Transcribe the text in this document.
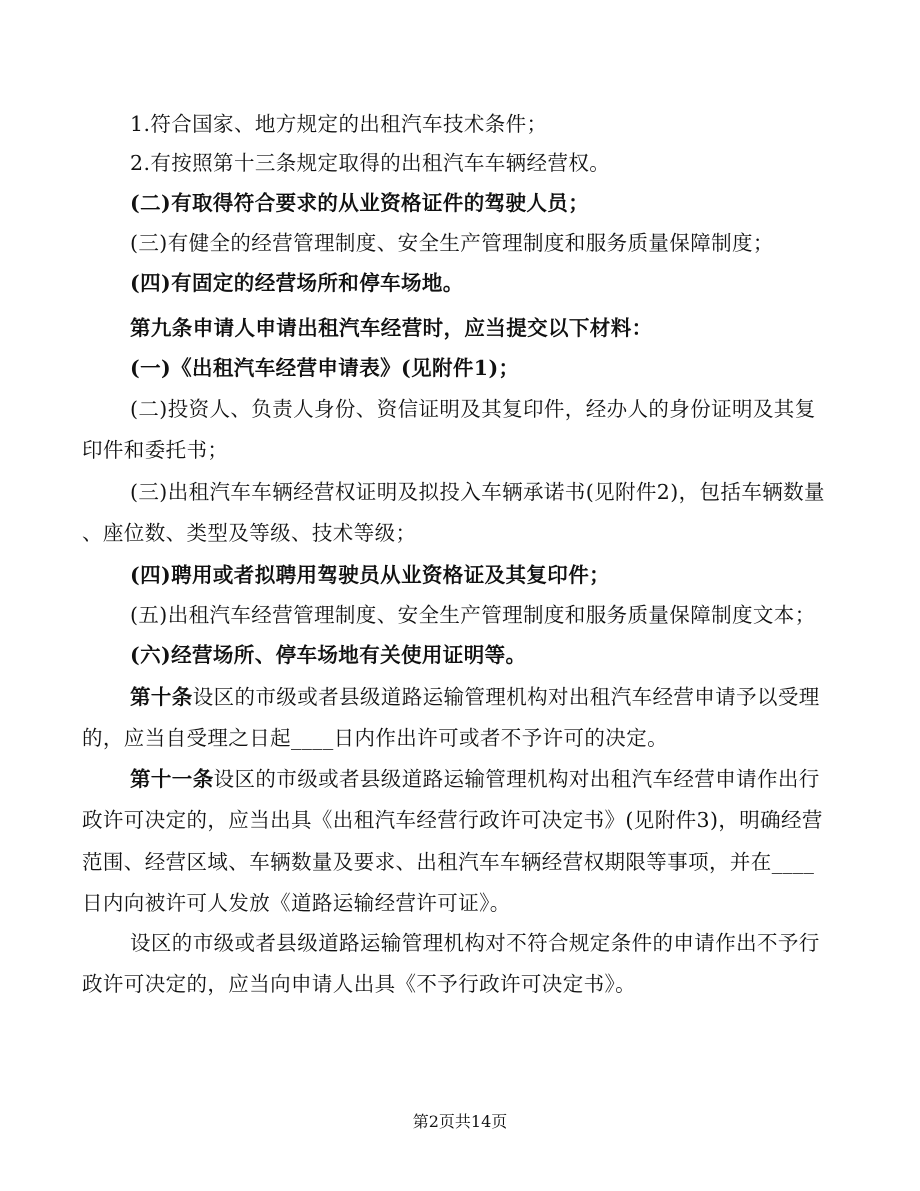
1.符合国家、地方规定的出租汽车技术条件；
2.有按照第十三条规定取得的出租汽车车辆经营权。
(二)有取得符合要求的从业资格证件的驾驶人员；
(三)有健全的经营管理制度、安全生产管理制度和服务质量保障制度；
(四)有固定的经营场所和停车场地。
第九条申请人申请出租汽车经营时，应当提交以下材料：
(一)《出租汽车经营申请表》(见附件1)；
(二)投资人、负责人身份、资信证明及其复印件，经办人的身份证明及其复
印件和委托书；
(三)出租汽车车辆经营权证明及拟投入车辆承诺书(见附件2)，包括车辆数量
、座位数、类型及等级、技术等级；
(四)聘用或者拟聘用驾驶员从业资格证及其复印件；
(五)出租汽车经营管理制度、安全生产管理制度和服务质量保障制度文本；
(六)经营场所、停车场地有关使用证明等。
第十条设区的市级或者县级道路运输管理机构对出租汽车经营申请予以受理
的，应当自受理之日起____日内作出许可或者不予许可的决定。
第十一条设区的市级或者县级道路运输管理机构对出租汽车经营申请作出行
政许可决定的，应当出具《出租汽车经营行政许可决定书》(见附件3)，明确经营
范围、经营区域、车辆数量及要求、出租汽车车辆经营权期限等事项，并在____
日内向被许可人发放《道路运输经营许可证》。
设区的市级或者县级道路运输管理机构对不符合规定条件的申请作出不予行
政许可决定的，应当向申请人出具《不予行政许可决定书》。
第2页共14页
